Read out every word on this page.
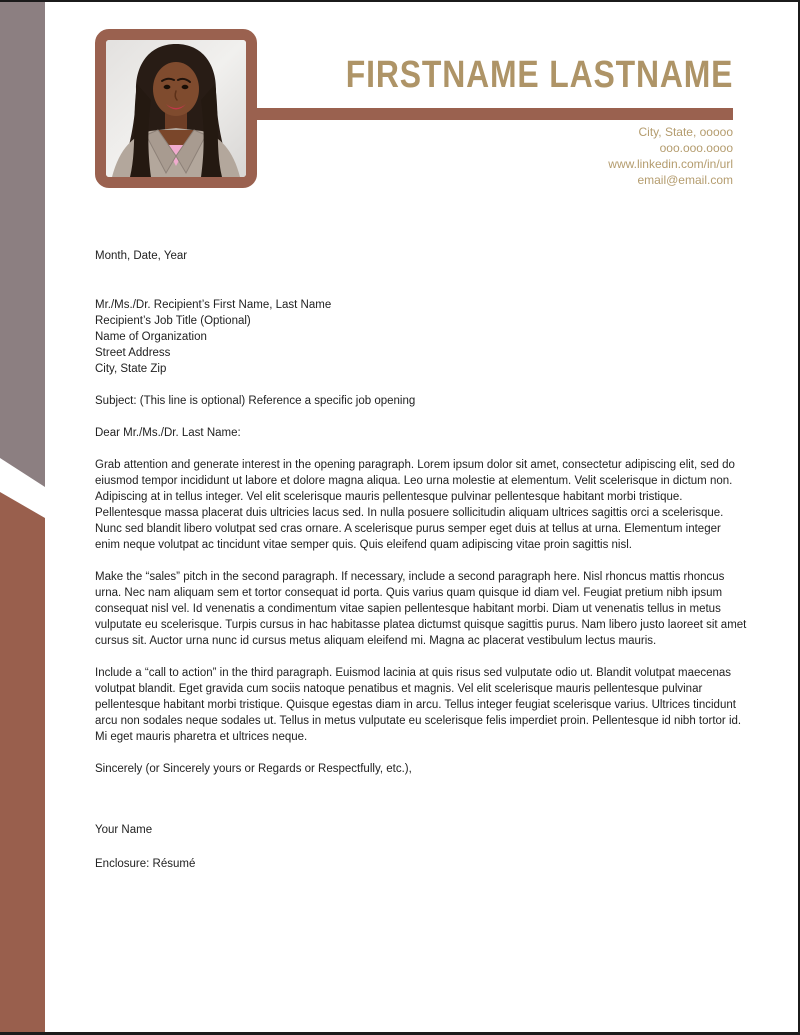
FIRSTNAME LASTNAME
City, State, ooooo
ooo.ooo.oooo
www.linkedin.com/in/url
email@email.com
Month, Date, Year
Mr./Ms./Dr. Recipient’s First Name, Last Name
Recipient’s Job Title (Optional)
Name of Organization
Street Address
City, State Zip
Subject: (This line is optional) Reference a specific job opening
Dear Mr./Ms./Dr. Last Name:

Grab attention and generate interest in the opening paragraph. Lorem ipsum dolor sit amet, consectetur adipiscing elit, sed do eiusmod tempor incididunt ut labore et dolore magna aliqua. Leo urna molestie at elementum. Velit scelerisque in dictum non. Adipiscing at in tellus integer. Vel elit scelerisque mauris pellentesque pulvinar pellentesque habitant morbi tristique. Pellentesque massa placerat duis ultricies lacus sed. In nulla posuere sollicitudin aliquam ultrices sagittis orci a scelerisque. Nunc sed blandit libero volutpat sed cras ornare. A scelerisque purus semper eget duis at tellus at urna. Elementum integer enim neque volutpat ac tincidunt vitae semper quis. Quis eleifend quam adipiscing vitae proin sagittis nisl.

Make the “sales” pitch in the second paragraph. If necessary, include a second paragraph here. Nisl rhoncus mattis rhoncus urna. Nec nam aliquam sem et tortor consequat id porta. Quis varius quam quisque id diam vel. Feugiat pretium nibh ipsum consequat nisl vel. Id venenatis a condimentum vitae sapien pellentesque habitant morbi. Diam ut venenatis tellus in metus vulputate eu scelerisque. Turpis cursus in hac habitasse platea dictumst quisque sagittis purus. Nam libero justo laoreet sit amet cursus sit. Auctor urna nunc id cursus metus aliquam eleifend mi. Magna ac placerat vestibulum lectus mauris.

Include a “call to action” in the third paragraph. Euismod lacinia at quis risus sed vulputate odio ut. Blandit volutpat maecenas volutpat blandit. Eget gravida cum sociis natoque penatibus et magnis. Vel elit scelerisque mauris pellentesque pulvinar pellentesque habitant morbi tristique. Quisque egestas diam in arcu. Tellus integer feugiat scelerisque varius. Ultrices tincidunt arcu non sodales neque sodales ut. Tellus in metus vulputate eu scelerisque felis imperdiet proin. Pellentesque id nibh tortor id. Mi eget mauris pharetra et ultrices neque.

Sincerely (or Sincerely yours or Regards or Respectfully, etc.),
Your Name
Enclosure: Résumé
